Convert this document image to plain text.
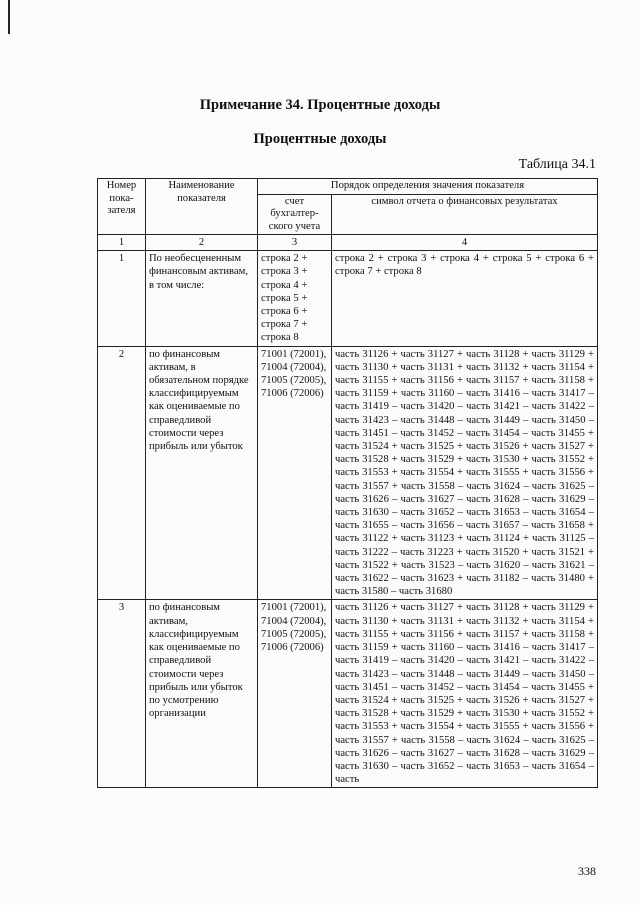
Примечание 34. Процентные доходы
Процентные доходы
Таблица 34.1
Номер пока-зателя	Наименование показателя	Порядок определения значения показателя	
		счет бухгалтер-ского учета	символ отчета о финансовых результатах
1	2	3	4
1	По необесцененным финансовым активам, в том числе:	строка 2 + строка 3 + строка 4 + строка 5 + строка 6 + строка 7 + строка 8	строка 2 + строка 3 + строка 4 + строка 5 + строка 6 + строка 7 + строка 8
2	по финансовым активам, в обязательном порядке классифицируемым как оцениваемые по справедливой стоимости через прибыль или убыток	71001 (72001), 71004 (72004), 71005 (72005), 71006 (72006)	часть 31126 + часть 31127 + часть 31128 + часть 31129 + часть 31130 + часть 31131 + часть 31132 + часть 31154 + часть 31155 + часть 31156 + часть 31157 + часть 31158 + часть 31159 + часть 31160 – часть 31416 – часть 31417 – часть 31419 – часть 31420 – часть 31421 – часть 31422 – часть 31423 – часть 31448 – часть 31449 – часть 31450 – часть 31451 – часть 31452 – часть 31454 – часть 31455 + часть 31524 + часть 31525 + часть 31526 + часть 31527 + часть 31528 + часть 31529 + часть 31530 + часть 31552 + часть 31553 + часть 31554 + часть 31555 + часть 31556 + часть 31557 + часть 31558 – часть 31624 – часть 31625 – часть 31626 – часть 31627 – часть 31628 – часть 31629 – часть 31630 – часть 31652 – часть 31653 – часть 31654 – часть 31655 – часть 31656 – часть 31657 – часть 31658 + часть 31122 + часть 31123 + часть 31124 + часть 31125 – часть 31222 – часть 31223 + часть 31520 + часть 31521 + часть 31522 + часть 31523 – часть 31620 – часть 31621 – часть 31622 – часть 31623 + часть 31182 – часть 31480 + часть 31580 – часть 31680
3	по финансовым активам, классифицируемым как оцениваемые по справедливой стоимости через прибыль или убыток по усмотрению организации	71001 (72001), 71004 (72004), 71005 (72005), 71006 (72006)	часть 31126 + часть 31127 + часть 31128 + часть 31129 + часть 31130 + часть 31131 + часть 31132 + часть 31154 + часть 31155 + часть 31156 + часть 31157 + часть 31158 + часть 31159 + часть 31160 – часть 31416 – часть 31417 – часть 31419 – часть 31420 – часть 31421 – часть 31422 – часть 31423 – часть 31448 – часть 31449 – часть 31450 – часть 31451 – часть 31452 – часть 31454 – часть 31455 + часть 31524 + часть 31525 + часть 31526 + часть 31527 + часть 31528 + часть 31529 + часть 31530 + часть 31552 + часть 31553 + часть 31554 + часть 31555 + часть 31556 + часть 31557 + часть 31558 – часть 31624 – часть 31625 – часть 31626 – часть 31627 – часть 31628 – часть 31629 – часть 31630 – часть 31652 – часть 31653 – часть 31654 – часть
338
